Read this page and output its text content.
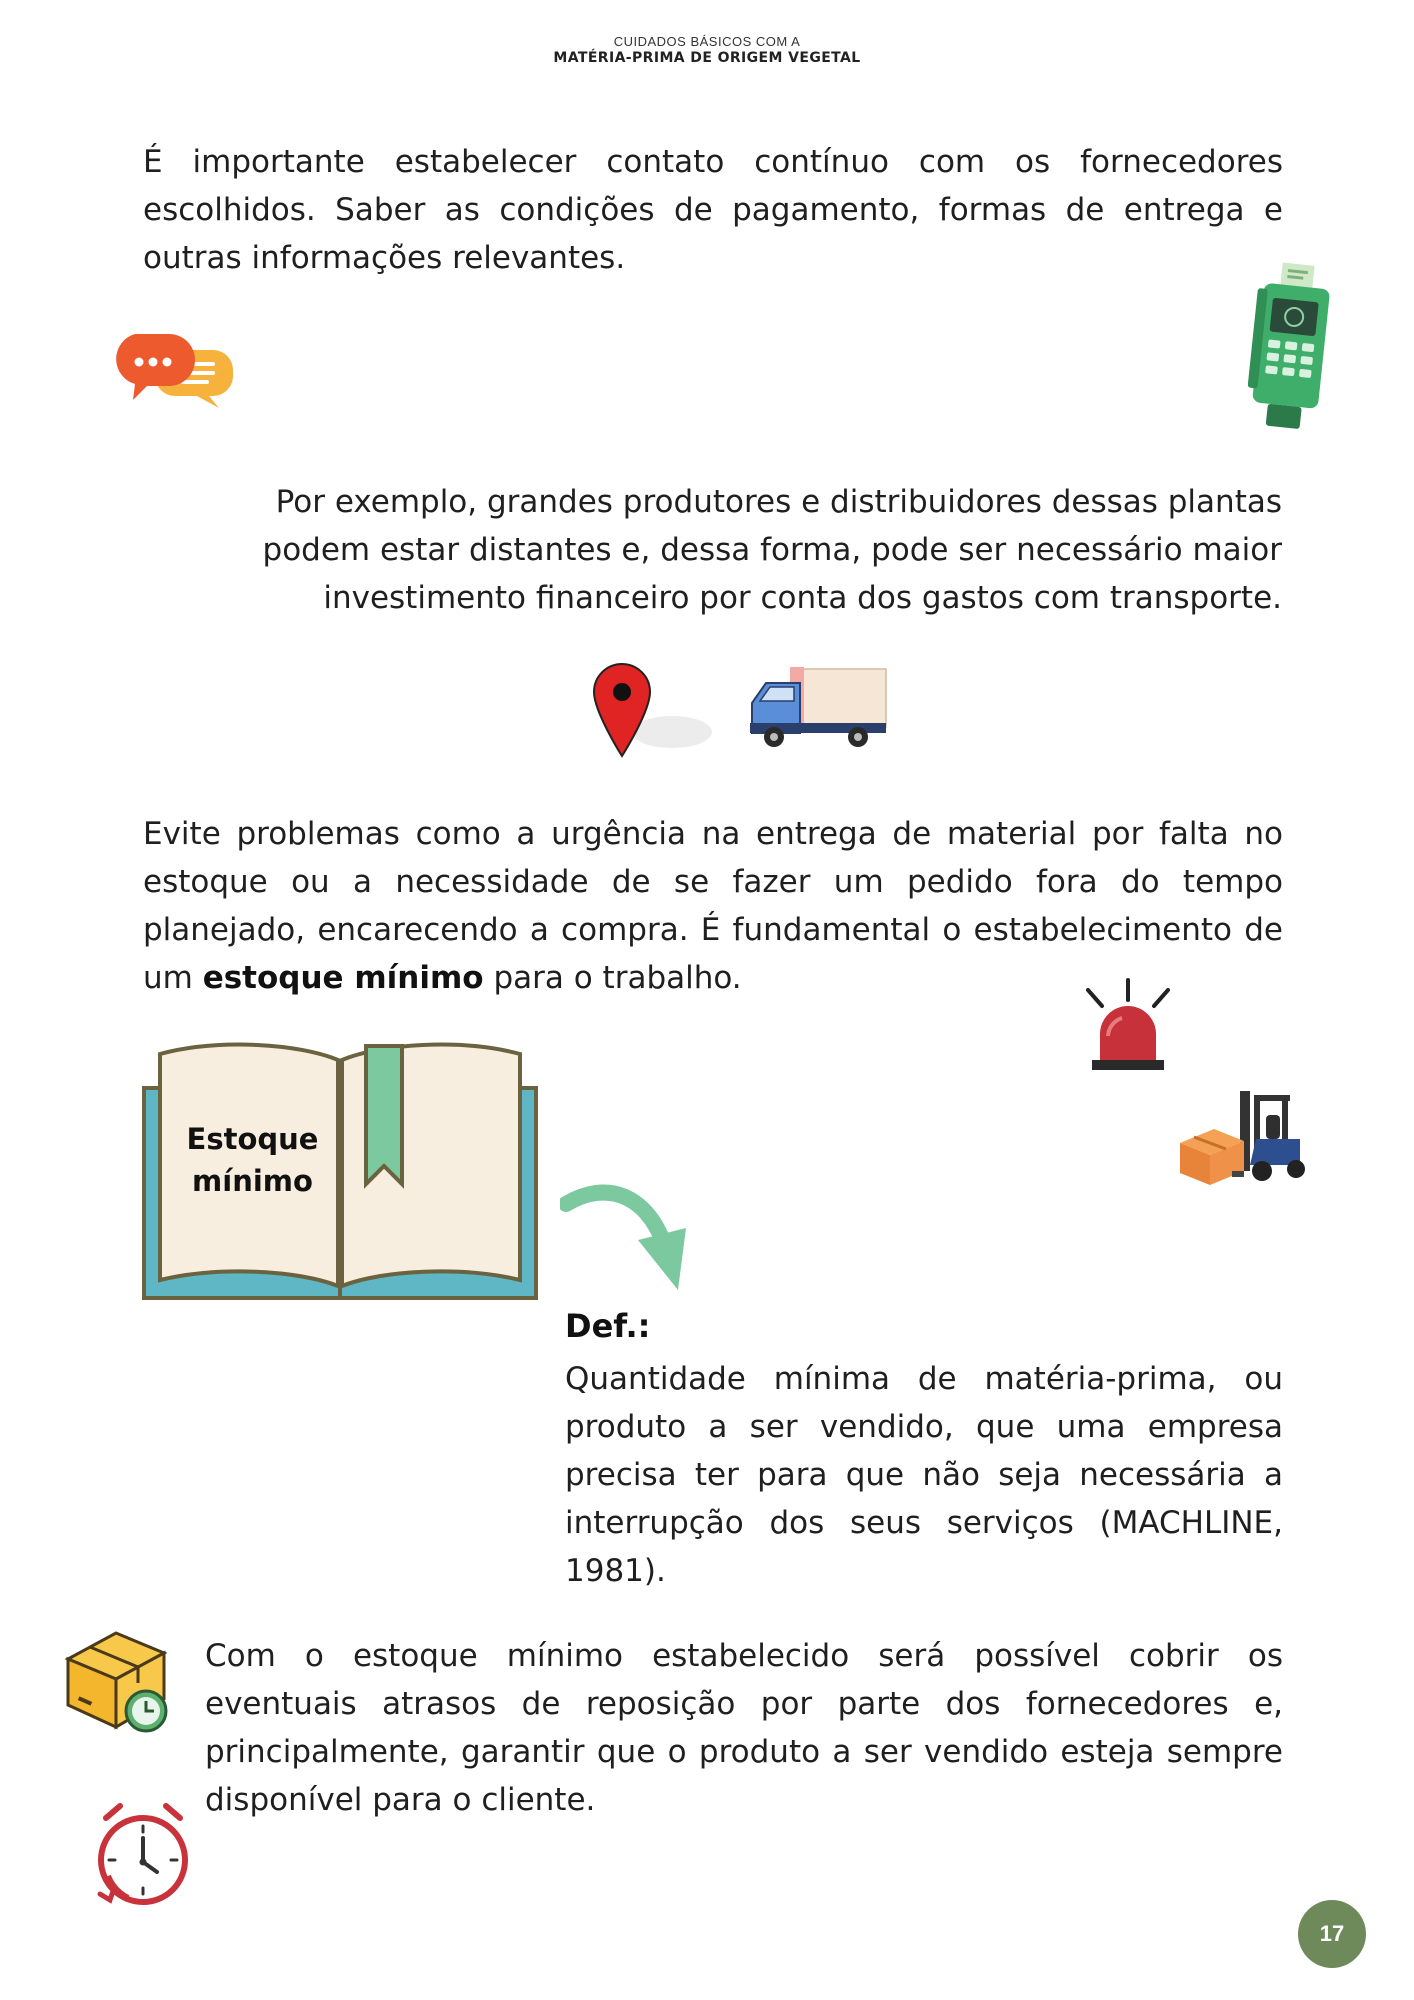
CUIDADOS BÁSICOS COM A
MATÉRIA-PRIMA DE ORIGEM VEGETAL
É importante estabelecer contato contínuo com os fornecedores escolhidos. Saber as condições de pagamento, formas de entrega e outras informações relevantes.
Por exemplo, grandes produtores e distribuidores dessas plantas podem estar distantes e, dessa forma, pode ser necessário maior investimento financeiro por conta dos gastos com transporte.
Evite problemas como a urgência na entrega de material por falta no estoque ou a necessidade de se fazer um pedido fora do tempo planejado, encarecendo a compra. É fundamental o estabelecimento de um estoque mínimo para o trabalho.
Estoque
mínimo
Def.:
Quantidade mínima de matéria-prima, ou produto a ser vendido, que uma empresa precisa ter para que não seja necessária a interrupção dos seus serviços (MACHLINE, 1981).
Com o estoque mínimo estabelecido será possível cobrir os eventuais atrasos de reposição por parte dos fornecedores e, principalmente, garantir que o produto a ser vendido esteja sempre disponível para o cliente.
17
